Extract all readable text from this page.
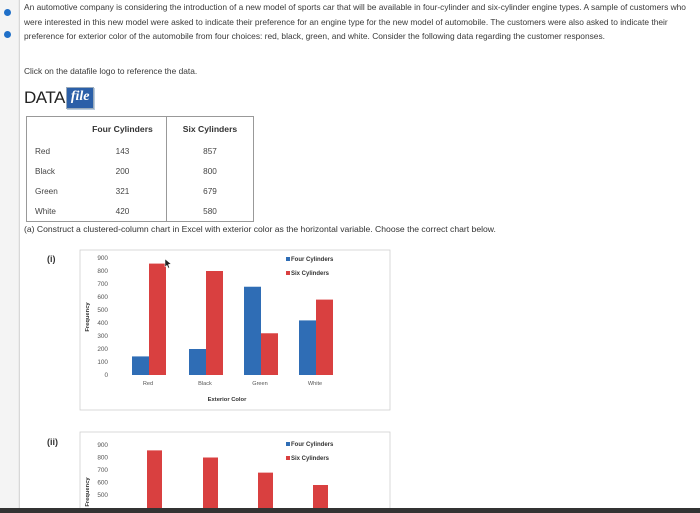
An automotive company is considering the introduction of a new model of sports car that will be available in four-cylinder and six-cylinder engine types. A sample of customers who were interested in this new model were asked to indicate their preference for an engine type for the new model of automobile. The customers were also asked to indicate their preference for exterior color of the automobile from four choices: red, black, green, and white. Consider the following data regarding the customer responses.
Click on the datafile logo to reference the data.
DATA file
	Four Cylinders	Six Cylinders
Red	143	857
Black	200	800
Green	321	679
White	420	580
(a) Construct a clustered-column chart in Excel with exterior color as the horizontal variable. Choose the correct chart below.
(i)
(ii)
900
800
700
600
500
400
300
200
100
0
Frequency
Red	Black	Green	White
Exterior Color
Four Cylinders
Six Cylinders
900
800
700
600
500
Frequency
Four Cylinders
Six Cylinders
